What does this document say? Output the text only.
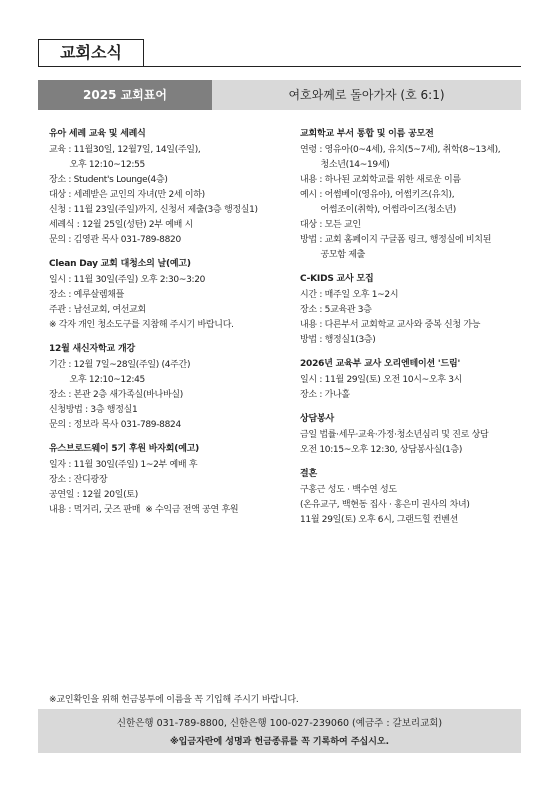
교회소식
2025 교회표어	여호와께로 돌아가자 (호 6:1)
유아 세례 교육 및 세례식
교육 : 11월30일, 12월7일, 14일(주일),
오후 12:10~12:55
장소 : Student's Lounge(4층)
대상 : 세례받은 교인의 자녀(만 2세 이하)
신청 : 11월 23일(주일)까지, 신청서 제출(3층 행정실1)
세례식 : 12월 25일(성탄) 2부 예배 시
문의 : 김영관 목사 031-789-8820
Clean Day 교회 대청소의 날(예고)
일시 : 11월 30일(주일) 오후 2:30~3:20
장소 : 예루살렘채플
주관 : 남선교회, 여선교회
※ 각자 개인 청소도구를 지참해 주시기 바랍니다.
12월 새신자학교 개강
기간 : 12월 7일~28일(주일) (4주간)
오후 12:10~12:45
장소 : 본관 2층 새가족실(바나바실)
신청방법 : 3층 행정실1
문의 : 정보라 목사 031-789-8824
유스브로드웨이 5기 후원 바자회(예고)
일자 : 11월 30일(주일) 1~2부 예배 후
장소 : 잔디광장
공연일 : 12월 20일(토)
내용 : 먹거리, 굿즈 판매  ※ 수익금 전액 공연 후원
교회학교 부서 통합 및 이름 공모전
연령 : 영유아(0~4세), 유치(5~7세), 취학(8~13세),
청소년(14~19세)
내용 : 하나된 교회학교를 위한 새로운 이름
예시 : 어썸베이(영유아), 어썸키즈(유치),
어썸조이(취학), 어썸라이즈(청소년)
대상 : 모든 교인
방법 : 교회 홈페이지 구글폼 링크, 행정실에 비치된
공모함 제출
C-KIDS 교사 모집
시간 : 매주일 오후 1~2시
장소 : 5교육관 3층
내용 : 다른부서 교회학교 교사와 중복 신청 가능
방법 : 행정실1(3층)
2026년 교육부 교사 오리엔테이션 '드림'
일시 : 11월 29일(토) 오전 10시~오후 3시
장소 : 가나홀
상담봉사
금일 법률·세무·교육·가정·청소년심리 및 진로 상담
오전 10:15~오후 12:30, 상담봉사실(1층)
결혼
구홍근 성도 · 백수연 성도
(온유교구, 백현동 집사 · 홍은미 권사의 차녀)
11월 29일(토) 오후 6시, 그랜드힐 컨벤션
※교인확인을 위해 헌금봉투에 이름을 꼭 기입해 주시기 바랍니다.
신한은행 031-789-8800, 신한은행 100-027-239060 (예금주 : 갈보리교회)
※입금자란에 성명과 헌금종류를 꼭 기록하여 주십시오.
